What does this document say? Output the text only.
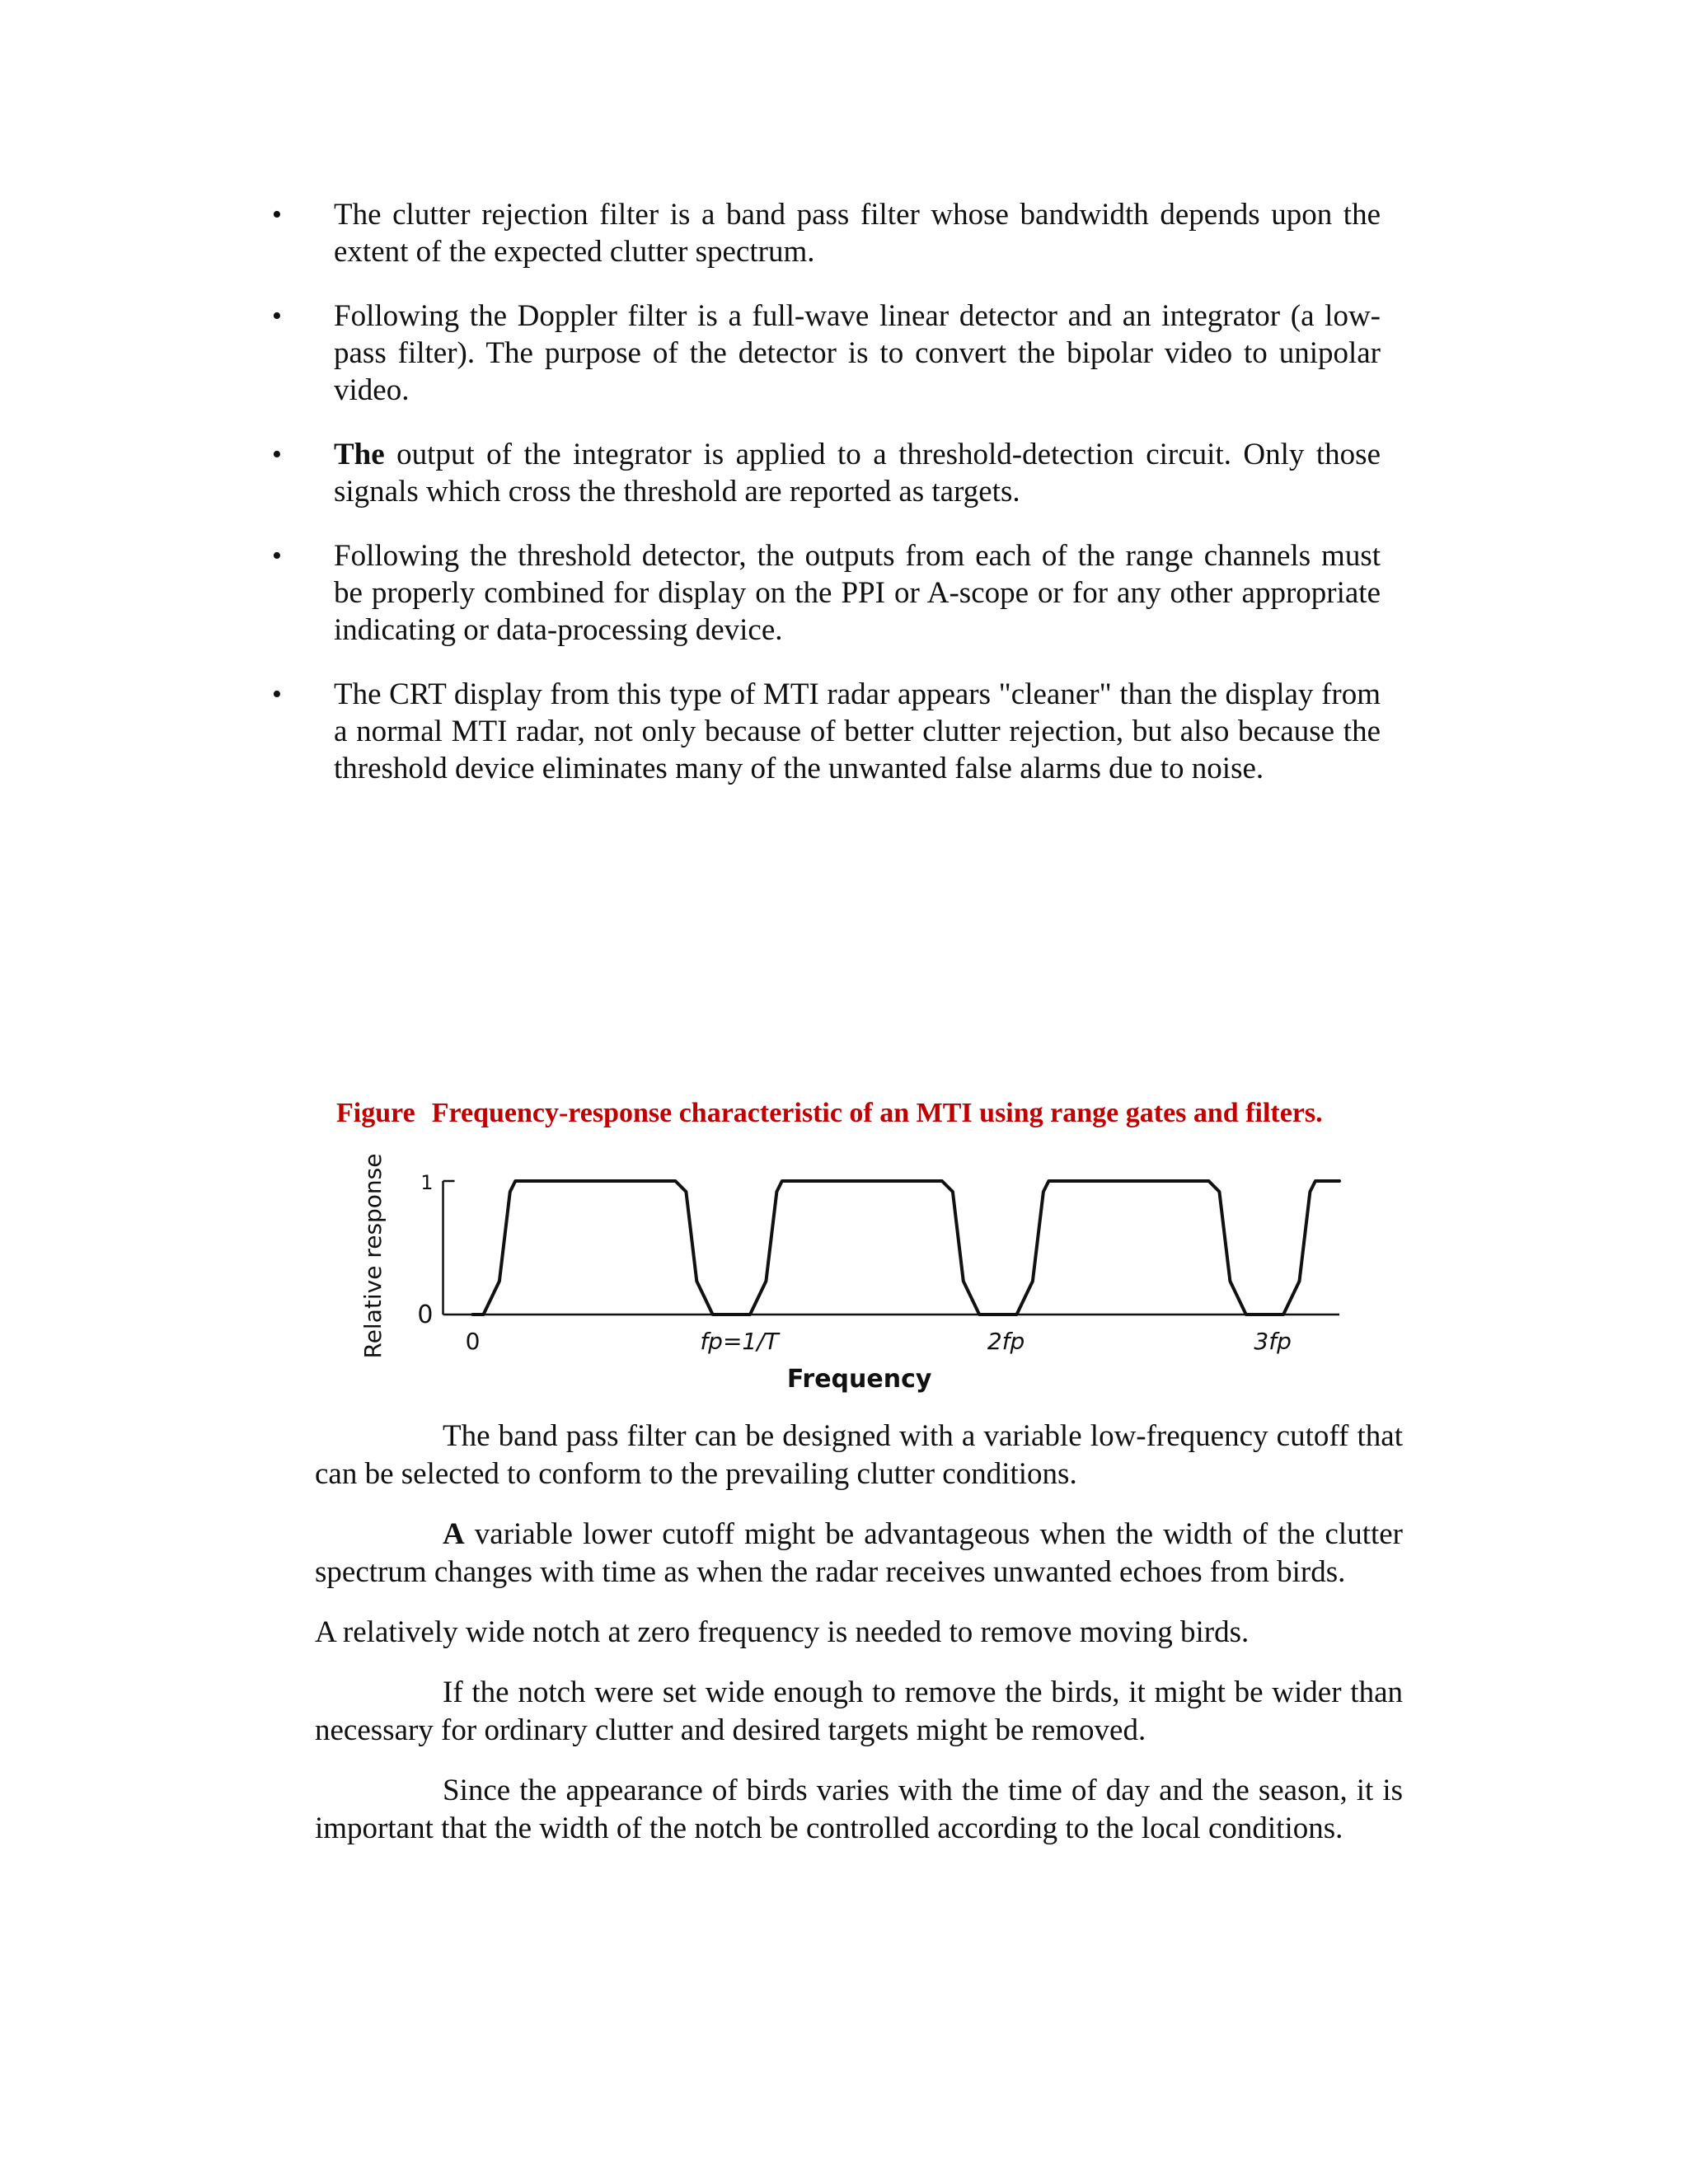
• The clutter rejection filter is a band pass filter whose bandwidth depends upon the extent of the expected clutter spectrum.
• Following the Doppler filter is a full-wave linear detector and an integrator (a low-pass filter). The purpose of the detector is to convert the bipolar video to unipolar video.
• The output of the integrator is applied to a threshold-detection circuit. Only those signals which cross the threshold are reported as targets.
• Following the threshold detector, the outputs from each of the range channels must be properly combined for display on the PPI or A-scope or for any other appropriate indicating or data-processing device.
• The CRT display from this type of MTI radar appears "cleaner" than the display from a normal MTI radar, not only because of better clutter rejection, but also because the threshold device eliminates many of the unwanted false alarms due to noise.
Figure Frequency-response characteristic of an MTI using range gates and filters.
0
1
0	fp=1/T	2fp	3fp
Frequency
Relative response

The band pass filter can be designed with a variable low-frequency cutoff that can be selected to conform to the prevailing clutter conditions.

A variable lower cutoff might be advantageous when the width of the clutter spectrum changes with time as when the radar receives unwanted echoes from birds.

A relatively wide notch at zero frequency is needed to remove moving birds.

If the notch were set wide enough to remove the birds, it might be wider than necessary for ordinary clutter and desired targets might be removed.

Since the appearance of birds varies with the time of day and the season, it is important that the width of the notch be controlled according to the local conditions.
